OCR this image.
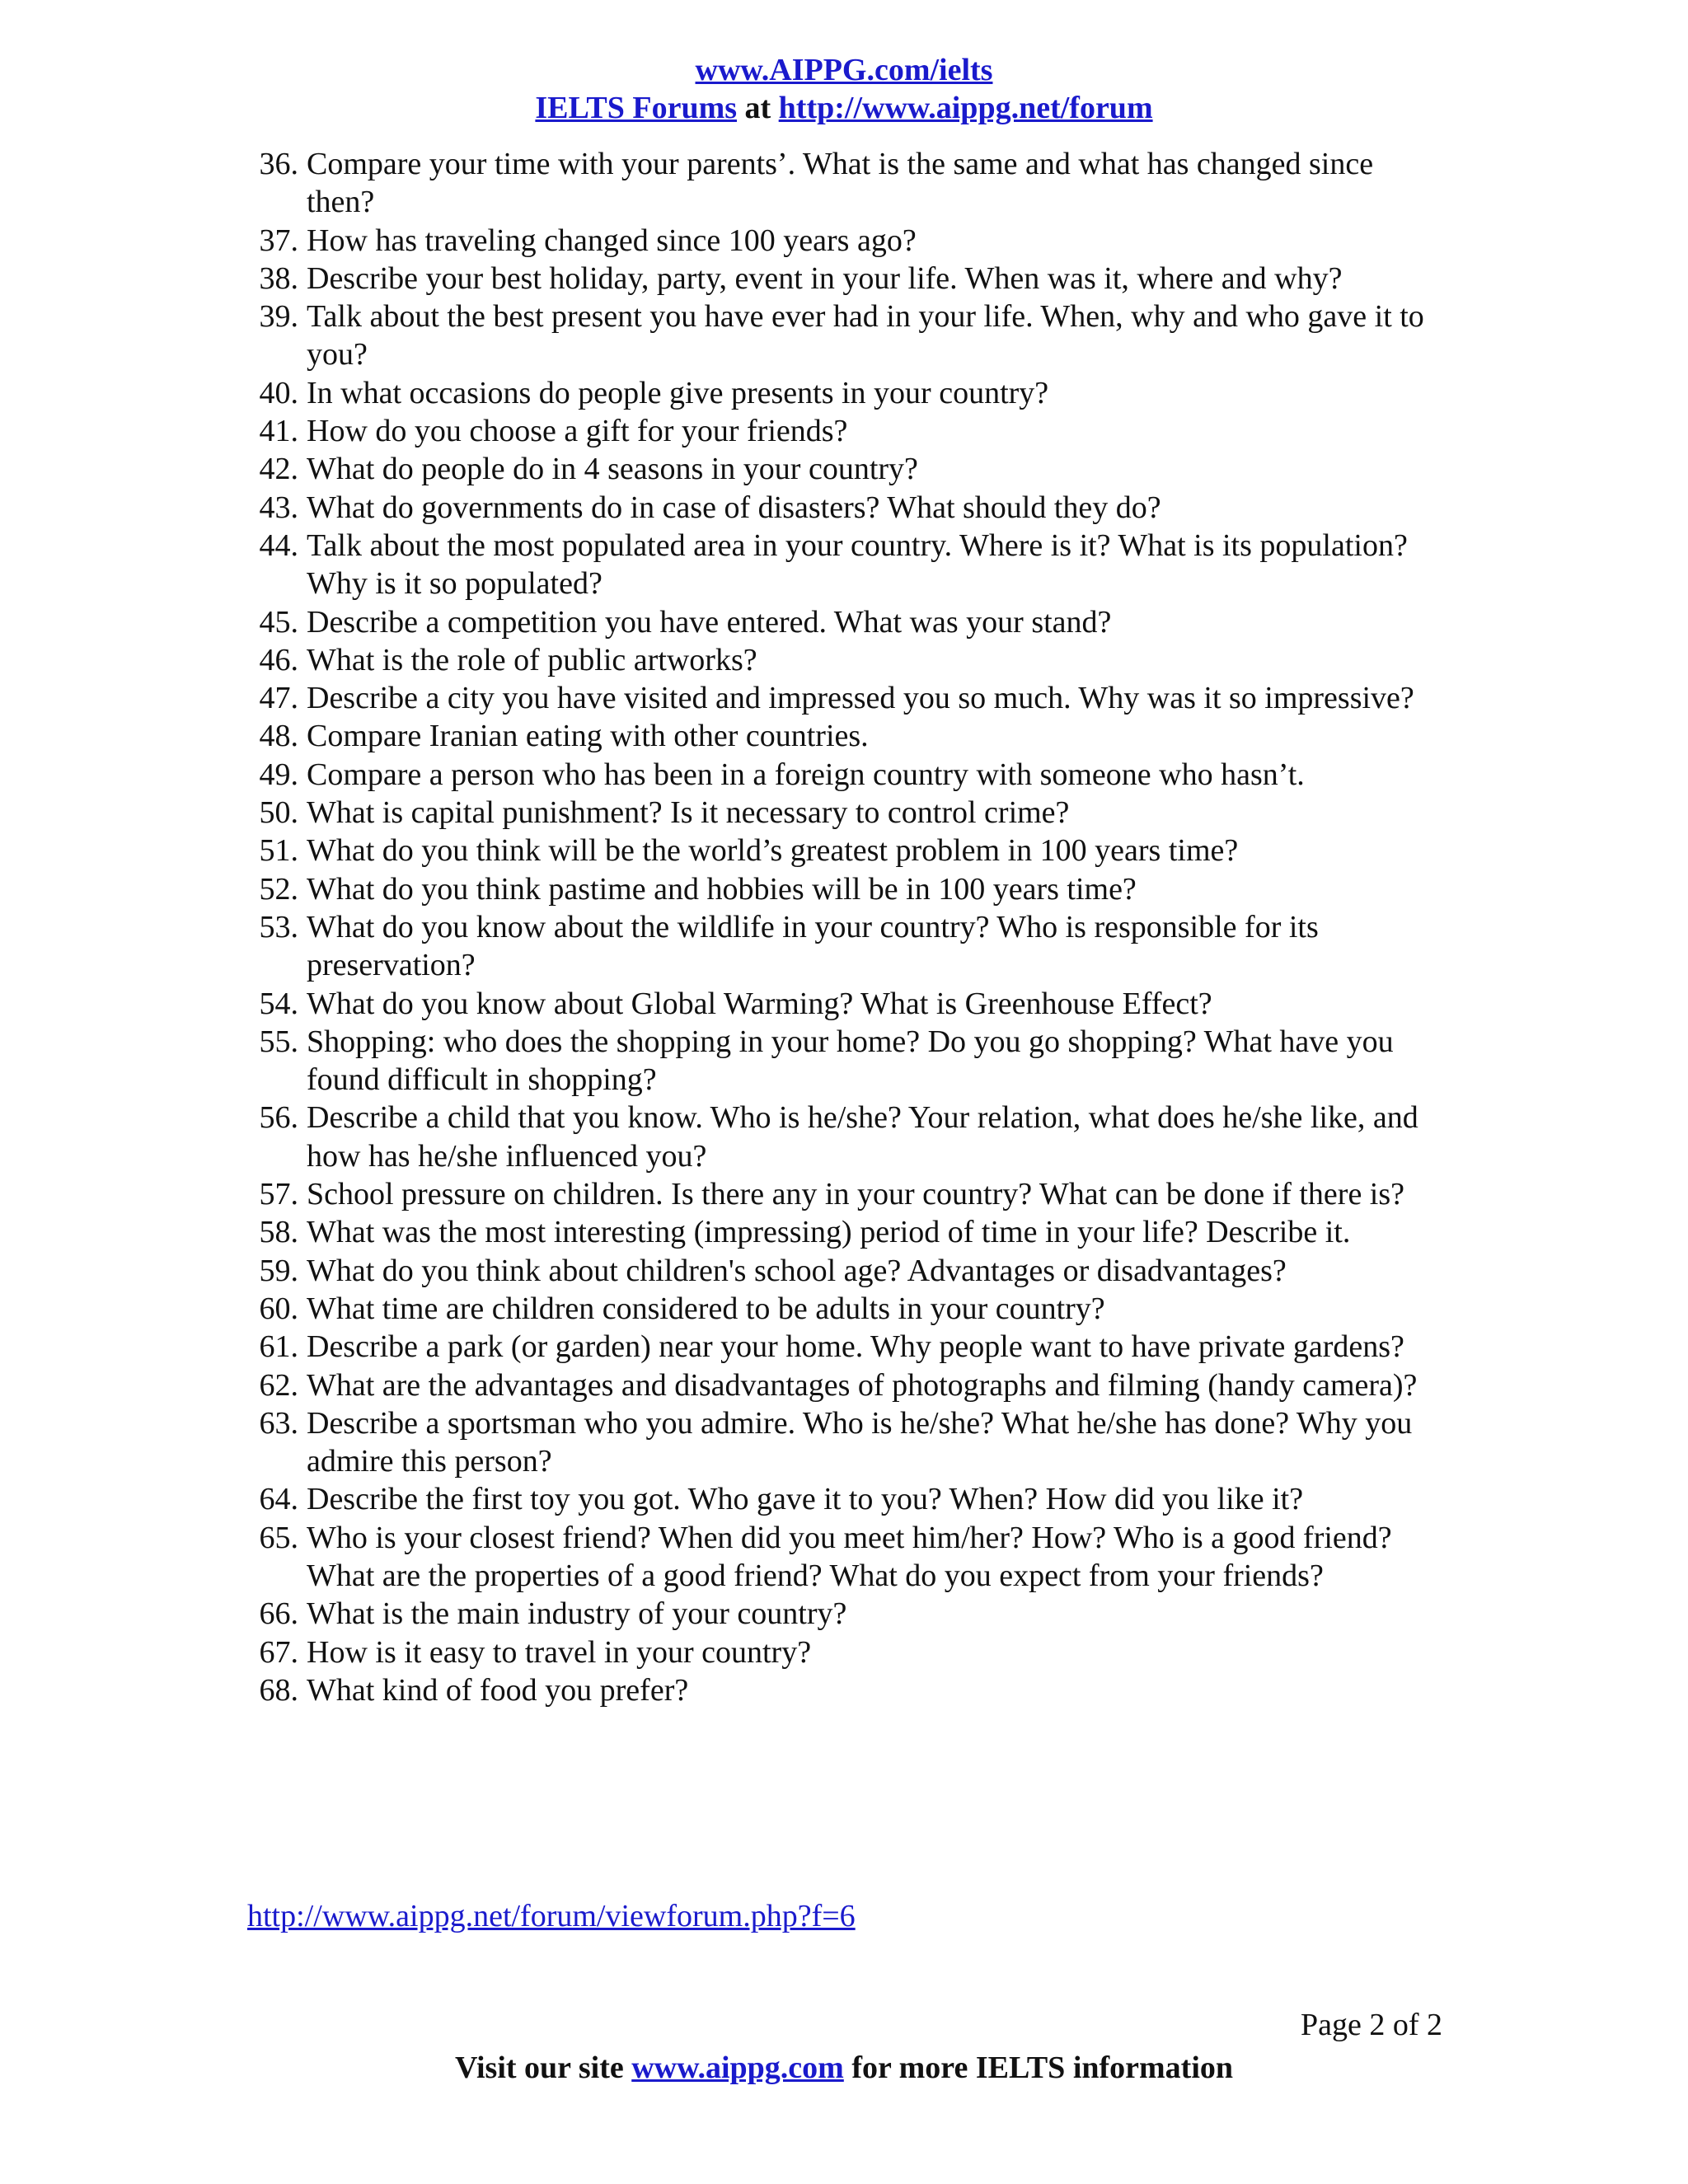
www.AIPPG.com/ielts
IELTS Forums at http://www.aippg.net/forum
36. Compare your time with your parents’. What is the same and what has changed since then?
37. How has traveling changed since 100 years ago?
38. Describe your best holiday, party, event in your life. When was it, where and why?
39. Talk about the best present you have ever had in your life. When, why and who gave it to you?
40. In what occasions do people give presents in your country?
41. How do you choose a gift for your friends?
42. What do people do in 4 seasons in your country?
43. What do governments do in case of disasters? What should they do?
44. Talk about the most populated area in your country. Where is it? What is its population? Why is it so populated?
45. Describe a competition you have entered. What was your stand?
46. What is the role of public artworks?
47. Describe a city you have visited and impressed you so much. Why was it so impressive?
48. Compare Iranian eating with other countries.
49. Compare a person who has been in a foreign country with someone who hasn’t.
50. What is capital punishment? Is it necessary to control crime?
51. What do you think will be the world’s greatest problem in 100 years time?
52. What do you think pastime and hobbies will be in 100 years time?
53. What do you know about the wildlife in your country? Who is responsible for its preservation?
54. What do you know about Global Warming? What is Greenhouse Effect?
55. Shopping: who does the shopping in your home? Do you go shopping? What have you found difficult in shopping?
56. Describe a child that you know. Who is he/she? Your relation, what does he/she like, and how has he/she influenced you?
57. School pressure on children. Is there any in your country? What can be done if there is?
58. What was the most interesting (impressing) period of time in your life? Describe it.
59. What do you think about children's school age? Advantages or disadvantages?
60. What time are children considered to be adults in your country?
61. Describe a park (or garden) near your home. Why people want to have private gardens?
62. What are the advantages and disadvantages of photographs and filming (handy camera)?
63. Describe a sportsman who you admire. Who is he/she? What he/she has done? Why you admire this person?
64. Describe the first toy you got. Who gave it to you? When? How did you like it?
65. Who is your closest friend? When did you meet him/her? How? Who is a good friend? What are the properties of a good friend? What do you expect from your friends?
66. What is the main industry of your country?
67. How is it easy to travel in your country?
68. What kind of food you prefer?
http://www.aippg.net/forum/viewforum.php?f=6
Page 2 of 2
Visit our site www.aippg.com for more IELTS information
